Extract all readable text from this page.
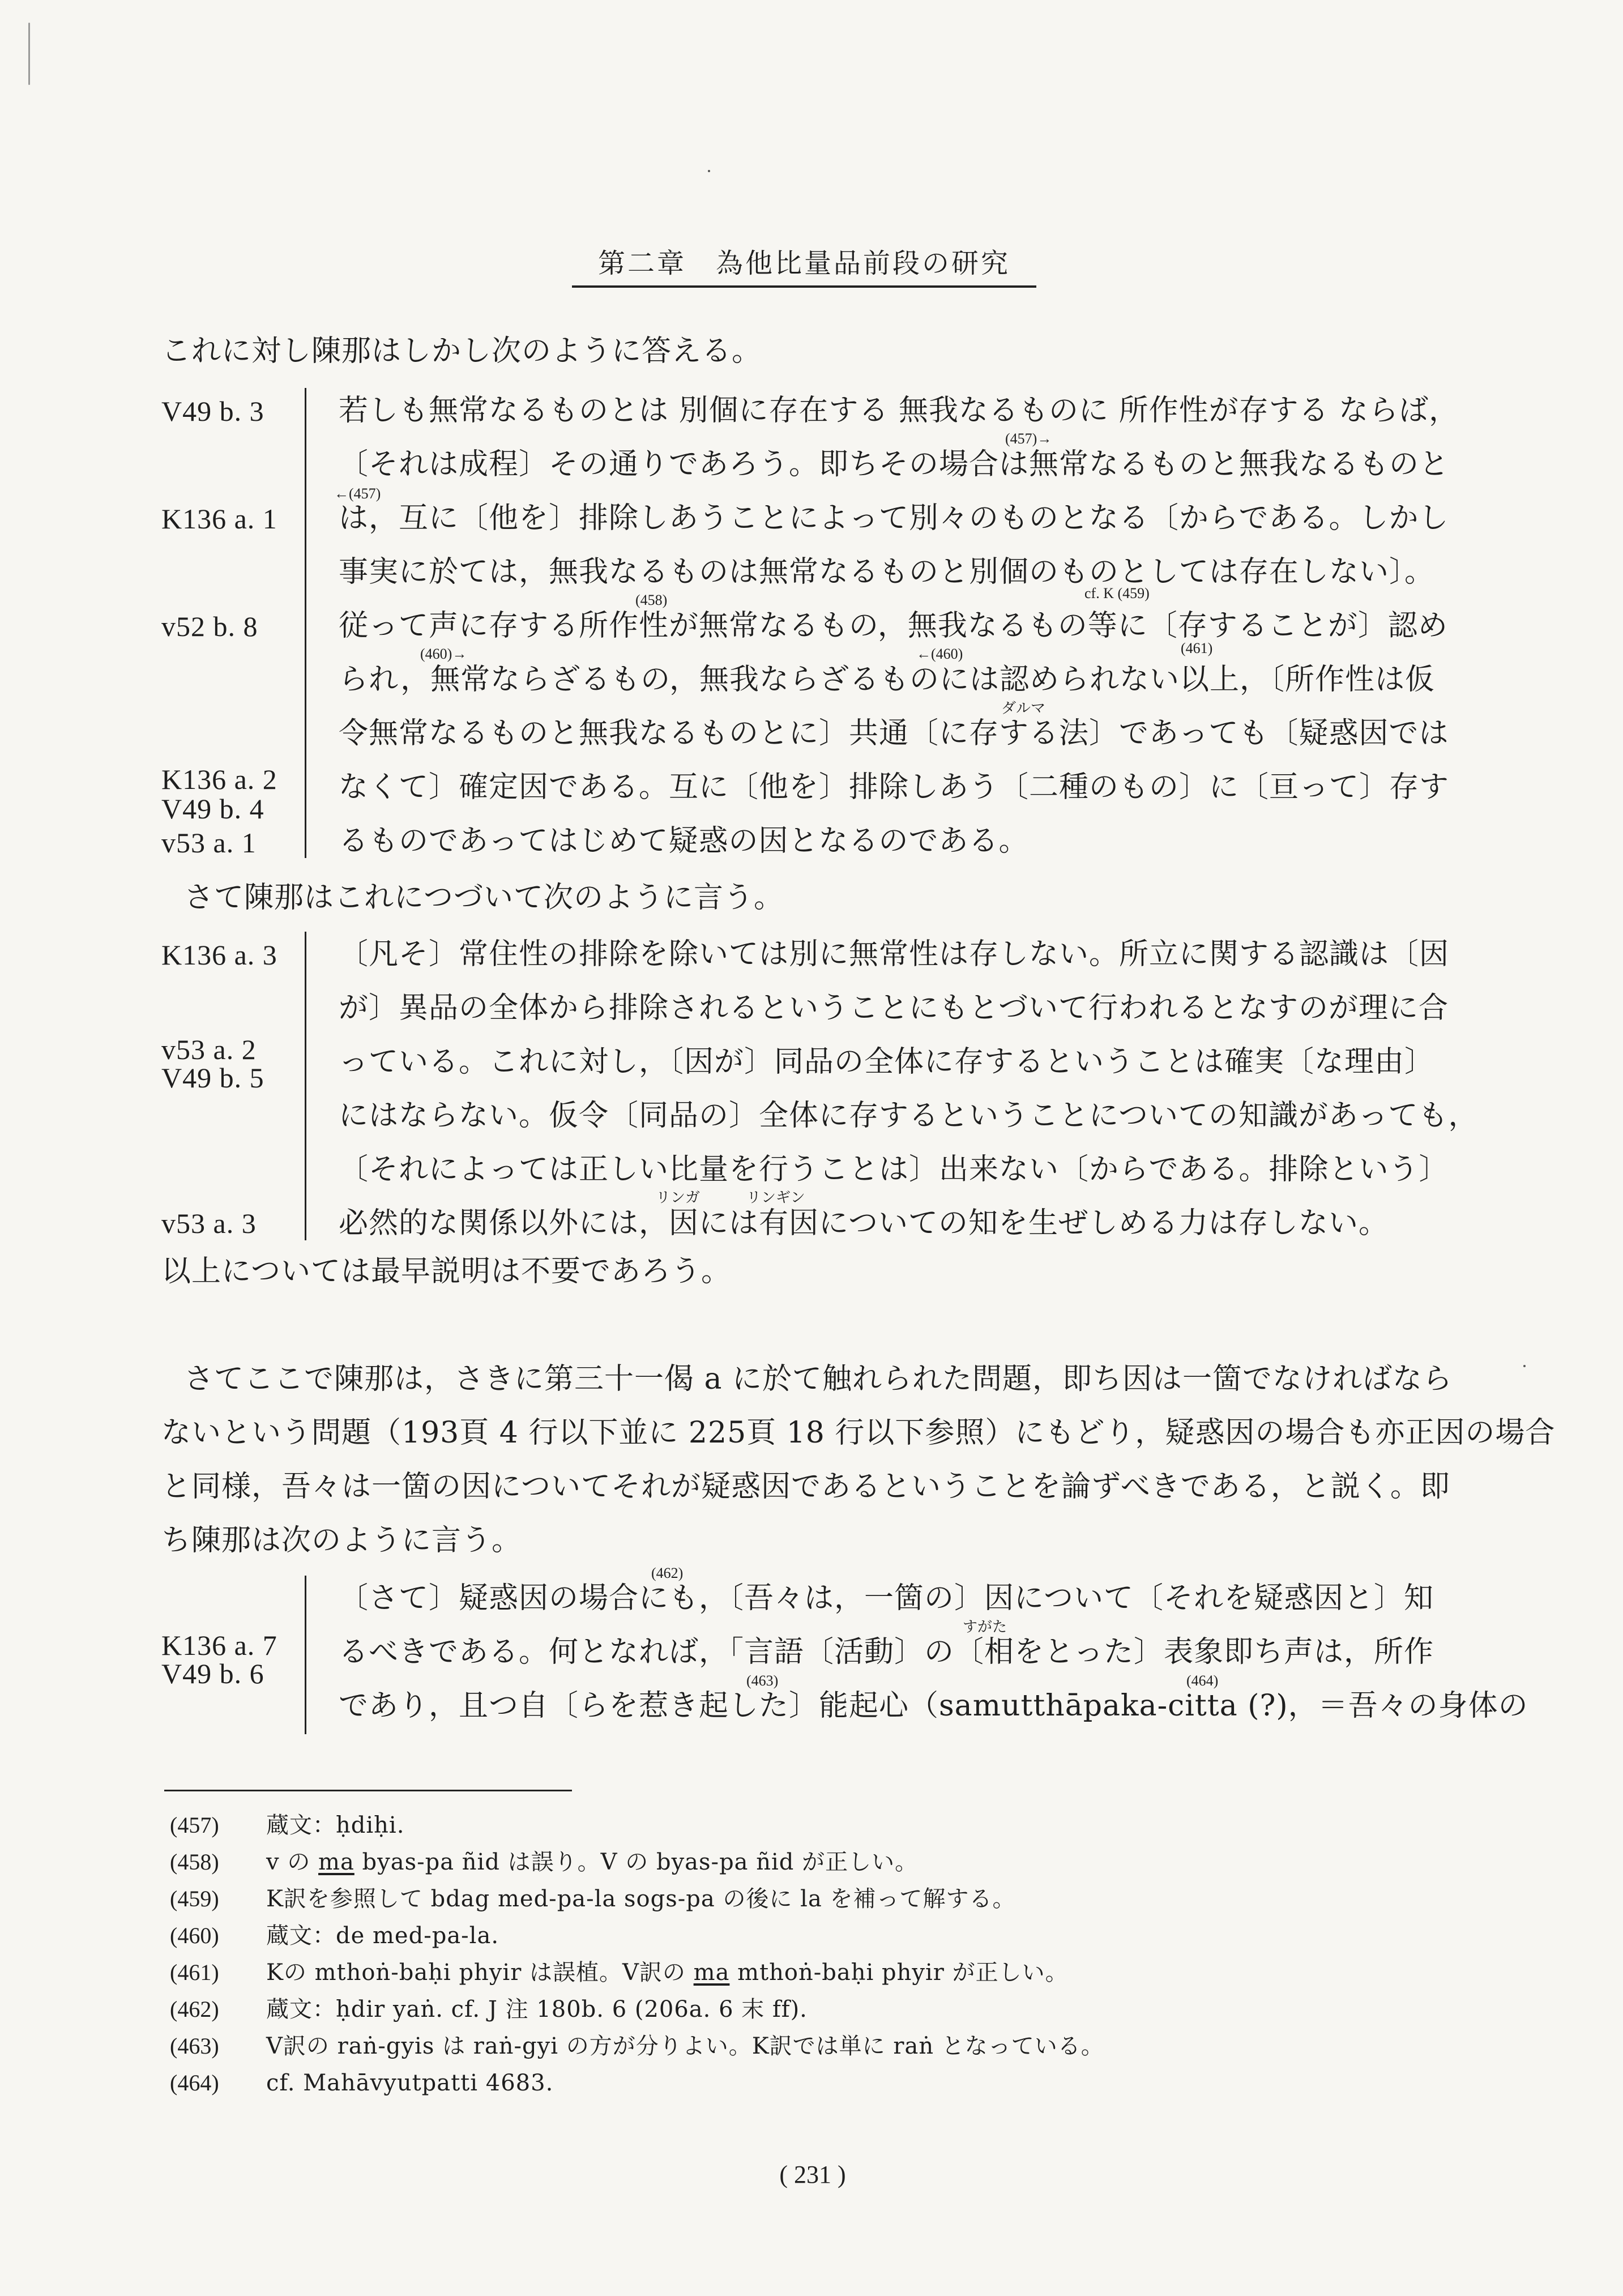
第二章　為他比量品前段の研究
これに対し陳那はしかし次のように答える。
V49 b. 3
K136 a. 1
v52 b. 8
K136 a. 2
V49 b. 4
v53 a. 1
若しも無常なるものとは 別個に存在する 無我なるものに 所作性が存する ならば，
〔それは成程〕その通りであろう。即ちその場合は無常なるものと無我なるものと
は，互に〔他を〕排除しあうことによって別々のものとなる〔からである。しかし
事実に於ては，無我なるものは無常なるものと別個のものとしては存在しない〕。
従って声に存する所作性が無常なるもの，無我なるもの等に〔存することが〕認め
られ，無常ならざるもの，無我ならざるものには認められない以上，〔所作性は仮
令無常なるものと無我なるものとに〕共通〔に存する法〕であっても〔疑惑因では
なくて〕確定因である。互に〔他を〕排除しあう〔二種のもの〕に〔亘って〕存す
るものであってはじめて疑惑の因となるのである。
(457)→
←(457)
(458)	cf. K (459)
(460)→	←(460)	(461)
ダルマ
さて陳那はこれにつづいて次のように言う。
K136 a. 3
v53 a. 2
V49 b. 5
v53 a. 3
〔凡そ〕常住性の排除を除いては別に無常性は存しない。所立に関する認識は〔因
が〕異品の全体から排除されるということにもとづいて行われるとなすのが理に合
っている。これに対し，〔因が〕同品の全体に存するということは確実〔な理由〕
にはならない。仮令〔同品の〕全体に存するということについての知識があっても，
〔それによっては正しい比量を行うことは〕出来ない〔からである。排除という〕
必然的な関係以外には，因には有因についての知を生ぜしめる力は存しない。
リンガ	リンギン
以上については最早説明は不要であろう。
さてここで陳那は，さきに第三十一偈 a に於て触れられた問題，即ち因は一箇でなければなら
ないという問題（193頁 4 行以下並に 225頁 18 行以下参照）にもどり，疑惑因の場合も亦正因の場合
と同様，吾々は一箇の因についてそれが疑惑因であるということを論ずべきである，と説く。即
ち陳那は次のように言う。
K136 a. 7
V49 b. 6
〔さて〕疑惑因の場合にも，〔吾々は，一箇の〕因について〔それを疑惑因と〕知
るべきである。何となれば，「言語〔活動〕の〔相をとった〕表象即ち声は，所作
であり，且つ自〔らを惹き起した〕能起心（samutthāpaka-citta (?)，＝吾々の身体の
(462)
すがた
(463)	(464)
(457)	蔵文：ḥdiḥi.
(458)	v の ma byas-pa ñid は誤り。V の byas-pa ñid が正しい。
(459)	K訳を参照して bdag med-pa-la sogs-pa の後に la を補って解する。
(460)	蔵文：de med-pa-la.
(461)	Kの mthoṅ-baḥi phyir は誤植。V訳の ma mthoṅ-baḥi phyir が正しい。
(462)	蔵文：ḥdir yaṅ. cf. J 注 180b. 6 (206a. 6 末 ff).
(463)	V訳の raṅ-gyis は raṅ-gyi の方が分りよい。K訳では単に raṅ となっている。
(464)	cf. Mahāvyutpatti 4683.
( 231 )
